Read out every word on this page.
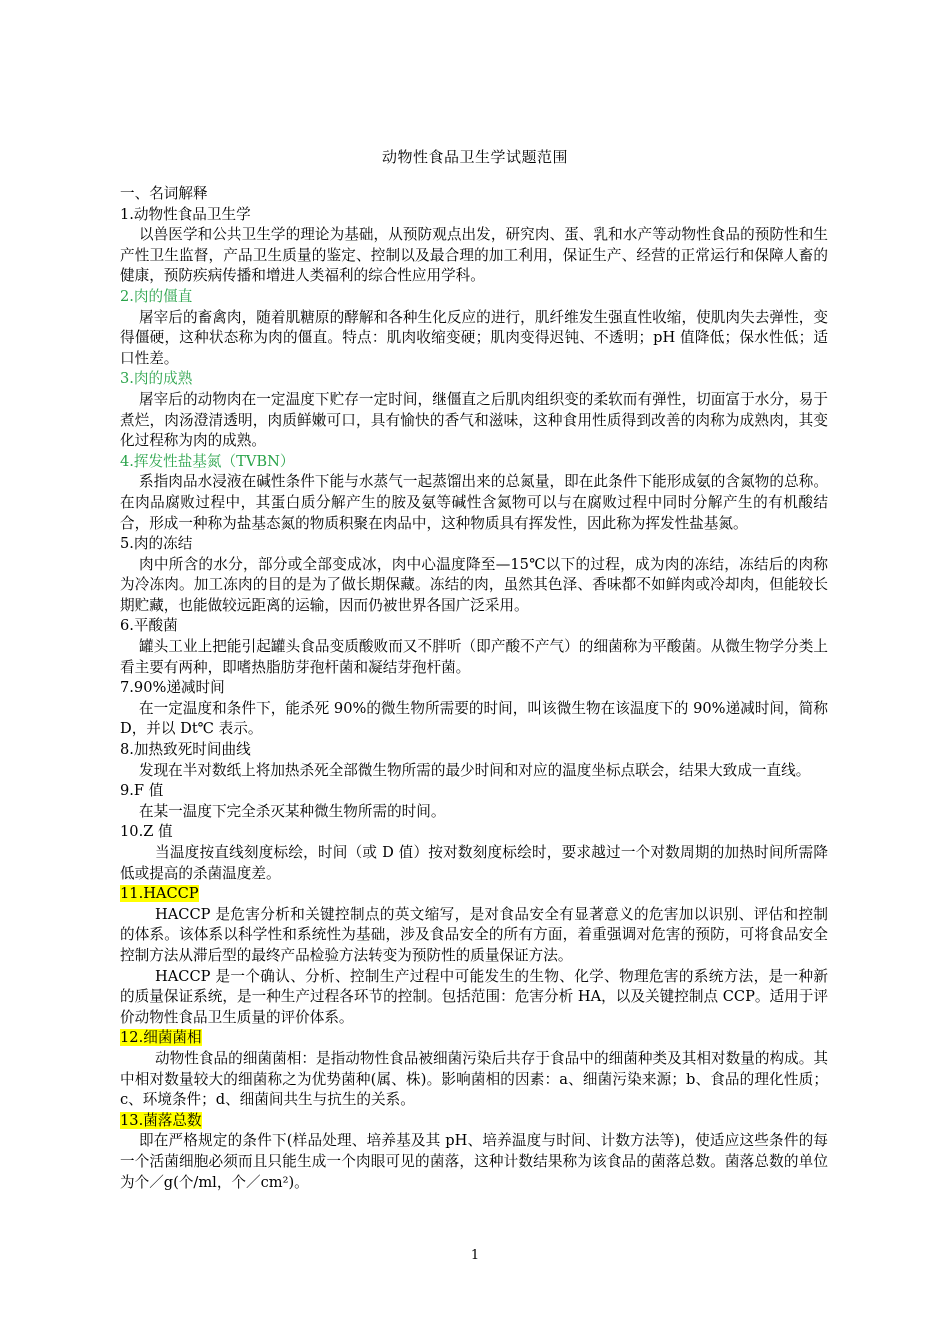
动物性食品卫生学试题范围

一、名词解释

1.动物性食品卫生学

以兽医学和公共卫生学的理论为基础，从预防观点出发，研究肉、蛋、乳和水产等动物性食品的预防性和生产性卫生监督，产品卫生质量的鉴定、控制以及最合理的加工利用，保证生产、经营的正常运行和保障人畜的健康，预防疾病传播和增进人类福利的综合性应用学科。

2.肉的僵直

屠宰后的畜禽肉，随着肌糖原的酵解和各种生化反应的进行，肌纤维发生强直性收缩，使肌肉失去弹性，变得僵硬，这种状态称为肉的僵直。特点：肌肉收缩变硬；肌肉变得迟钝、不透明；pH 值降低；保水性低；适口性差。

3.肉的成熟

屠宰后的动物肉在一定温度下贮存一定时间，继僵直之后肌肉组织变的柔软而有弹性，切面富于水分，易于煮烂，肉汤澄清透明，肉质鲜嫩可口，具有愉快的香气和滋味，这种食用性质得到改善的肉称为成熟肉，其变化过程称为肉的成熟。

4.挥发性盐基氮（TVBN）

系指肉品水浸液在碱性条件下能与水蒸气一起蒸馏出来的总氮量，即在此条件下能形成氨的含氮物的总称。在肉品腐败过程中，其蛋白质分解产生的胺及氨等碱性含氮物可以与在腐败过程中同时分解产生的有机酸结合，形成一种称为盐基态氮的物质积聚在肉品中，这种物质具有挥发性，因此称为挥发性盐基氮。

5.肉的冻结

肉中所含的水分，部分或全部变成冰，肉中心温度降至—15℃以下的过程，成为肉的冻结，冻结后的肉称为冷冻肉。加工冻肉的目的是为了做长期保藏。冻结的肉，虽然其色泽、香味都不如鲜肉或冷却肉，但能较长期贮藏，也能做较远距离的运输，因而仍被世界各国广泛采用。

6.平酸菌

罐头工业上把能引起罐头食品变质酸败而又不胖听（即产酸不产气）的细菌称为平酸菌。从微生物学分类上看主要有两种，即嗜热脂肪芽孢杆菌和凝结芽孢杆菌。

7.90%递减时间

在一定温度和条件下，能杀死 90%的微生物所需要的时间，叫该微生物在该温度下的 90%递减时间，简称 D，并以 Dt℃ 表示。

8.加热致死时间曲线

发现在半对数纸上将加热杀死全部微生物所需的最少时间和对应的温度坐标点联会，结果大致成一直线。

9.F 值

在某一温度下完全杀灭某种微生物所需的时间。

10.Z 值

当温度按直线刻度标绘，时间（或 D 值）按对数刻度标绘时，要求越过一个对数周期的加热时间所需降低或提高的杀菌温度差。

11.HACCP

HACCP 是危害分析和关键控制点的英文缩写，是对食品安全有显著意义的危害加以识别、评估和控制的体系。该体系以科学性和系统性为基础，涉及食品安全的所有方面，着重强调对危害的预防，可将食品安全控制方法从滞后型的最终产品检验方法转变为预防性的质量保证方法。

HACCP 是一个确认、分析、控制生产过程中可能发生的生物、化学、物理危害的系统方法，是一种新的质量保证系统，是一种生产过程各环节的控制。包括范围：危害分析 HA，以及关键控制点 CCP。适用于评价动物性食品卫生质量的评价体系。

12.细菌菌相

动物性食品的细菌菌相：是指动物性食品被细菌污染后共存于食品中的细菌种类及其相对数量的构成。其中相对数量较大的细菌称之为优势菌种(属、株)。影响菌相的因素：a、细菌污染来源；b、食品的理化性质；c、环境条件；d、细菌间共生与抗生的关系。

13.菌落总数

即在严格规定的条件下(样品处理、培养基及其 pH、培养温度与时间、计数方法等)，使适应这些条件的每一个活菌细胞必须而且只能生成一个肉眼可见的菌落，这种计数结果称为该食品的菌落总数。菌落总数的单位为个／g(个/ml，个／cm²)。

1
